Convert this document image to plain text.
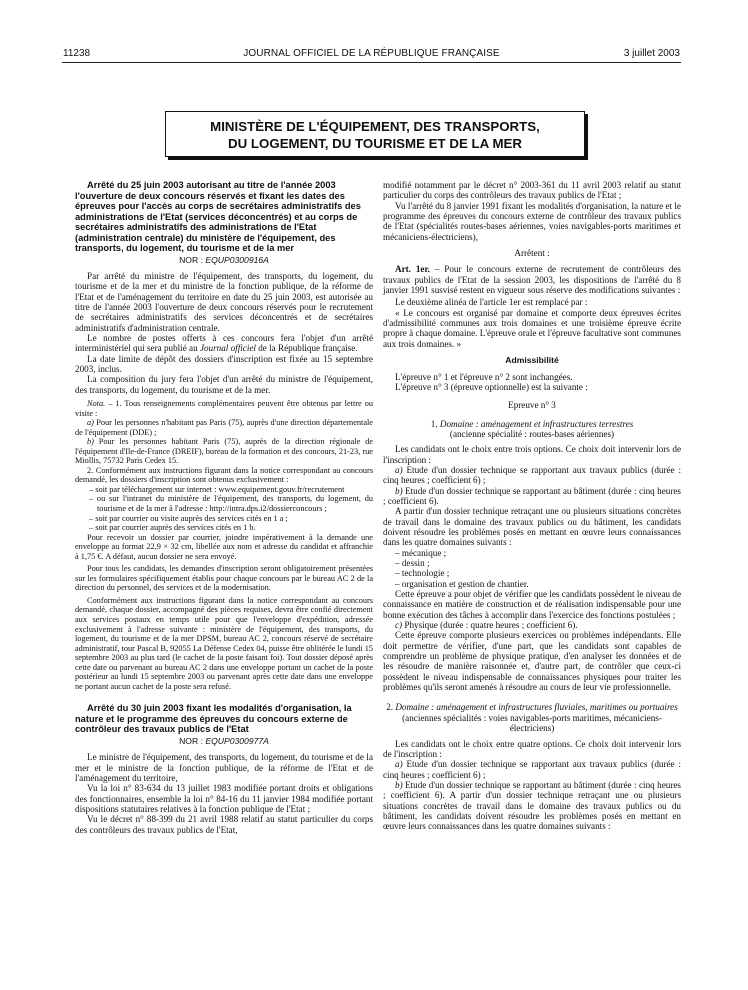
11238	JOURNAL OFFICIEL DE LA RÉPUBLIQUE FRANÇAISE	3 juillet 2003
MINISTÈRE DE L'ÉQUIPEMENT, DES TRANSPORTS,
DU LOGEMENT, DU TOURISME ET DE LA MER

Arrêté du 25 juin 2003 autorisant au titre de l'année 2003 l'ouverture de deux concours réservés et fixant les dates des épreuves pour l'accès au corps de secrétaires administratifs des administrations de l'Etat (services déconcentrés) et au corps de secrétaires administratifs des administrations de l'Etat (administration centrale) du ministère de l'équipement, des transports, du logement, du tourisme et de la mer

NOR : EQUP0300916A

Par arrêté du ministre de l'équipement, des transports, du logement, du tourisme et de la mer et du ministre de la fonction publique, de la réforme de l'Etat et de l'aménagement du territoire en date du 25 juin 2003, est autorisée au titre de l'année 2003 l'ouverture de deux concours réservés pour le recrutement de secrétaires administratifs des services déconcentrés et de secrétaires administratifs d'administration centrale.

Le nombre de postes offerts à ces concours fera l'objet d'un arrêté interministériel qui sera publié au Journal officiel de la République française.

La date limite de dépôt des dossiers d'inscription est fixée au 15 septembre 2003, inclus.

La composition du jury fera l'objet d'un arrêté du ministre de l'équipement, des transports, du logement, du tourisme et de la mer.

Nota. – 1. Tous renseignements complémentaires peuvent être obtenus par lettre ou visite :

a) Pour les personnes n'habitant pas Paris (75), auprès d'une direction départementale de l'équipement (DDE) ;

b) Pour les personnes habitant Paris (75), auprès de la direction régionale de l'équipement d'Ile-de-France (DREIF), bureau de la formation et des concours, 21-23, rue Miollis, 75732 Paris Cedex 15.

2. Conformément aux instructions figurant dans la notice correspondant au concours demandé, les dossiers d'inscription sont obtenus exclusivement :

– soit par téléchargement sur internet : www.equipement.gouv.fr/recrutement

– ou sur l'intranet du ministère de l'équipement, des transports, du logement, du tourisme et de la mer à l'adresse : http://intra.dps.i2/dossierconcours ;

– soit par courrier ou visite auprès des services cités en 1 a ;

– soit par courrier auprès des services cités en 1 b.

Pour recevoir un dossier par courrier, joindre impérativement à la demande une enveloppe au format 22,9 × 32 cm, libellée aux nom et adresse du candidat et affranchie à 1,75 €. A défaut, aucun dossier ne sera envoyé.

Pour tous les candidats, les demandes d'inscription seront obligatoirement présentées sur les formulaires spécifiquement établis pour chaque concours par le bureau AC 2 de la direction du personnel, des services et de la modernisation.

Conformément aux instructions figurant dans la notice correspondant au concours demandé, chaque dossier, accompagné des pièces requises, devra être confié directement aux services postaux en temps utile pour que l'enveloppe d'expédition, adressée exclusivement à l'adresse suivante : ministère de l'équipement, des transports, du logement, du tourisme et de la mer DPSM, bureau AC 2, concours réservé de secrétaire administratif, tour Pascal B, 92055 La Défense Cedex 04, puisse être oblitérée le lundi 15 septembre 2003 au plus tard (le cachet de la poste faisant foi). Tout dossier déposé après cette date ou parvenant au bureau AC 2 dans une enveloppe portant un cachet de la poste postérieur au lundi 15 septembre 2003 ou parvenant après cette date dans une enveloppe ne portant aucun cachet de la poste sera refusé.

Arrêté du 30 juin 2003 fixant les modalités d'organisation, la nature et le programme des épreuves du concours externe de contrôleur des travaux publics de l'Etat

NOR : EQUP0300977A

Le ministre de l'équipement, des transports, du logement, du tourisme et de la mer et le ministre de la fonction publique, de la réforme de l'Etat et de l'aménagement du territoire,

Vu la loi n° 83-634 du 13 juillet 1983 modifiée portant droits et obligations des fonctionnaires, ensemble la loi n° 84-16 du 11 janvier 1984 modifiée portant dispositions statutaires relatives à la fonction publique de l'Etat ;

Vu le décret n° 88-399 du 21 avril 1988 relatif au statut particulier du corps des contrôleurs des travaux publics de l'Etat,

modifié notamment par le décret n° 2003-361 du 11 avril 2003 relatif au statut particulier du corps des contrôleurs des travaux publics de l'Etat ;

Vu l'arrêté du 8 janvier 1991 fixant les modalités d'organisation, la nature et le programme des épreuves du concours externe de contrôleur des travaux publics de l'Etat (spécialités routes-bases aériennes, voies navigables-ports maritimes et mécaniciens-électriciens),

Arrêtent :

Art. 1er. – Pour le concours externe de recrutement de contrôleurs des travaux publics de l'Etat de la session 2003, les dispositions de l'arrêté du 8 janvier 1991 susvisé restent en vigueur sous réserve des modifications suivantes :

Le deuxième alinéa de l'article 1er est remplacé par :

« Le concours est organisé par domaine et comporte deux épreuves écrites d'admissibilité communes aux trois domaines et une troisième épreuve écrite propre à chaque domaine. L'épreuve orale et l'épreuve facultative sont communes aux trois domaines. »

Admissibilité

L'épreuve n° 1 et l'épreuve n° 2 sont inchangées.

L'épreuve n° 3 (épreuve optionnelle) est la suivante :

Epreuve n° 3

1. Domaine : aménagement et infrastructures terrestres

(ancienne spécialité : routes-bases aériennes)

Les candidats ont le choix entre trois options. Ce choix doit intervenir lors de l'inscription :

a) Etude d'un dossier technique se rapportant aux travaux publics (durée : cinq heures ; coefficient 6) ;

b) Etude d'un dossier technique se rapportant au bâtiment (durée : cinq heures ; coefficient 6).

A partir d'un dossier technique retraçant une ou plusieurs situations concrètes de travail dans le domaine des travaux publics ou du bâtiment, les candidats doivent résoudre les problèmes posés en mettant en œuvre leurs connaissances dans les quatre domaines suivants :

– mécanique ;

– dessin ;

– technologie ;

– organisation et gestion de chantier.

Cette épreuve a pour objet de vérifier que les candidats possèdent le niveau de connaissance en matière de construction et de réalisation indispensable pour une bonne exécution des tâches à accomplir dans l'exercice des fonctions postulées ;

c) Physique (durée : quatre heures ; coefficient 6).

Cette épreuve comporte plusieurs exercices ou problèmes indépendants. Elle doit permettre de vérifier, d'une part, que les candidats sont capables de comprendre un problème de physique pratique, d'en analyser les données et de les résoudre de manière raisonnée et, d'autre part, de contrôler que ceux-ci possèdent le niveau indispensable de connaissances physiques pour traiter les problèmes qu'ils seront amenés à résoudre au cours de leur vie professionnelle.

2. Domaine : aménagement et infrastructures fluviales, maritimes ou portuaires

(anciennes spécialités : voies navigables-ports maritimes, mécaniciens-électriciens)

Les candidats ont le choix entre quatre options. Ce choix doit intervenir lors de l'inscription :

a) Etude d'un dossier technique se rapportant aux travaux publics (durée : cinq heures ; coefficient 6) ;

b) Etude d'un dossier technique se rapportant au bâtiment (durée : cinq heures ; coefficient 6). A partir d'un dossier technique retraçant une ou plusieurs situations concrètes de travail dans le domaine des travaux publics ou du bâtiment, les candidats doivent résoudre les problèmes posés en mettant en œuvre leurs connaissances dans les quatre domaines suivants :
